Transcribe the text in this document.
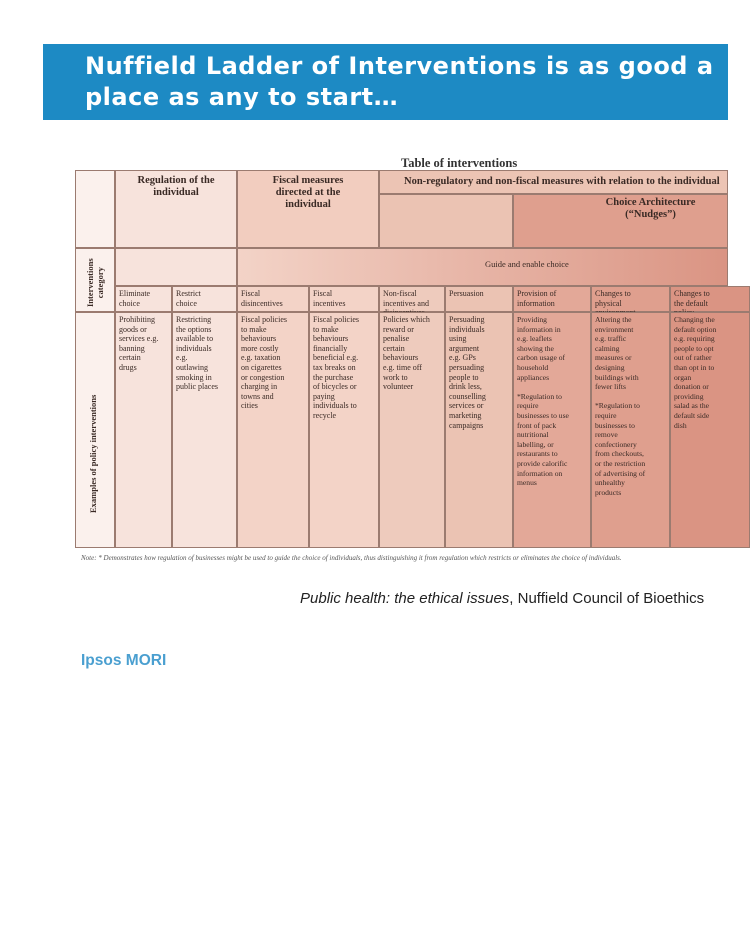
Nuffield Ladder of Interventions is as good a
place as any to start…
Table of interventions
Regulation of the
individual
Fiscal measures
directed at the
individual
Non-regulatory and non-fiscal measures with relation to the individual
Choice Architecture
(“Nudges”)
Guide and enable choice
Interventions
category
Examples of policy interventions
Eliminate
choice
Prohibiting
goods or
services e.g.
banning
certain
drugs
Restrict
choice
Restricting
the options
available to
individuals
e.g.
outlawing
smoking in
public places
Fiscal
disincentives
Fiscal policies
to make
behaviours
more costly
e.g. taxation
on cigarettes
or congestion
charging in
towns and
cities
Fiscal
incentives
Fiscal policies
to make
behaviours
financially
beneficial e.g.
tax breaks on
the purchase
of bicycles or
paying
individuals to
recycle
Non-fiscal
incentives and

Policies which
reward or
penalise
certain
behaviours
e.g. time off
work to
volunteer
Persuasion
Persuading
individuals
using
argument
e.g. GPs
persuading
people to
drink less,
counselling
services or
marketing
campaigns
Provision of
information
Providing
information in
e.g. leaflets
showing the
carbon usage of
household
appliances

*Regulation to
require
businesses to use
front of pack
nutritional
labelling, or
restaurants to
provide calorific
information on
menus
Changes to
physical

Altering the
environment
e.g. traffic
calming
measures or
designing
buildings with
fewer lifts

*Regulation to
require
businesses to
remove
confectionery
from checkouts,
or the restriction
of advertising of
unhealthy
products
Changes to
the default

Changing the
default option
e.g. requiring
people to opt
out of rather
than opt in to
organ
donation or
providing
salad as the
default side
dish
Note: * Demonstrates how regulation of businesses might be used to guide the choice of individuals, thus distinguishing it from regulation which restricts or eliminates the choice of individuals.
Public health: the ethical issues, Nuffield Council of Bioethics
Ipsos MORI
